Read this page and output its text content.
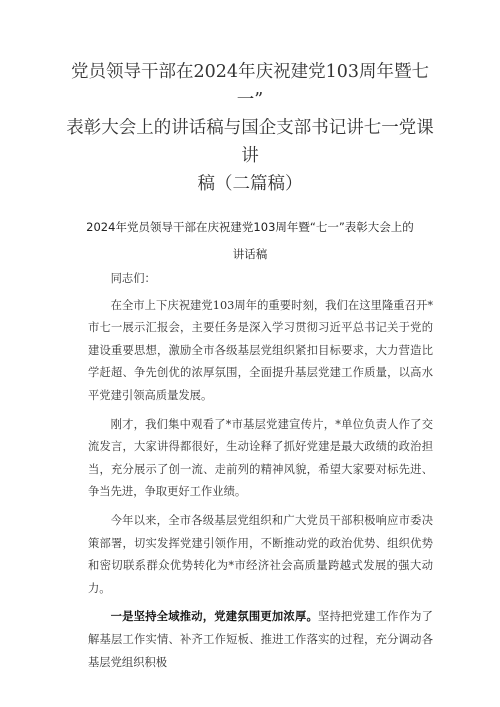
党员领导干部在2024年庆祝建党103周年暨七一”
表彰大会上的讲话稿与国企支部书记讲七一党课讲
稿（二篇稿）
2024年党员领导干部在庆祝建党103周年暨“七一”表彰大会上的
讲话稿

同志们：

在全市上下庆祝建党103周年的重要时刻，我们在这里隆重召开*市七一展示汇报会，主要任务是深入学习贯彻习近平总书记关于党的建设重要思想，激励全市各级基层党组织紧扣目标要求，大力营造比学赶超、争先创优的浓厚氛围，全面提升基层党建工作质量，以高水平党建引领高质量发展。

刚才，我们集中观看了*市基层党建宣传片，*单位负责人作了交流发言，大家讲得都很好，生动诠释了抓好党建是最大政绩的政治担当，充分展示了创一流、走前列的精神风貌，希望大家要对标先进、争当先进，争取更好工作业绩。

今年以来，全市各级基层党组织和广大党员干部积极响应市委决策部署，切实发挥党建引领作用，不断推动党的政治优势、组织优势和密切联系群众优势转化为*市经济社会高质量跨越式发展的强大动力。

一是坚持全域推动，党建氛围更加浓厚。坚持把党建工作作为了解基层工作实情、补齐工作短板、推进工作落实的过程，充分调动各基层党组织积极
